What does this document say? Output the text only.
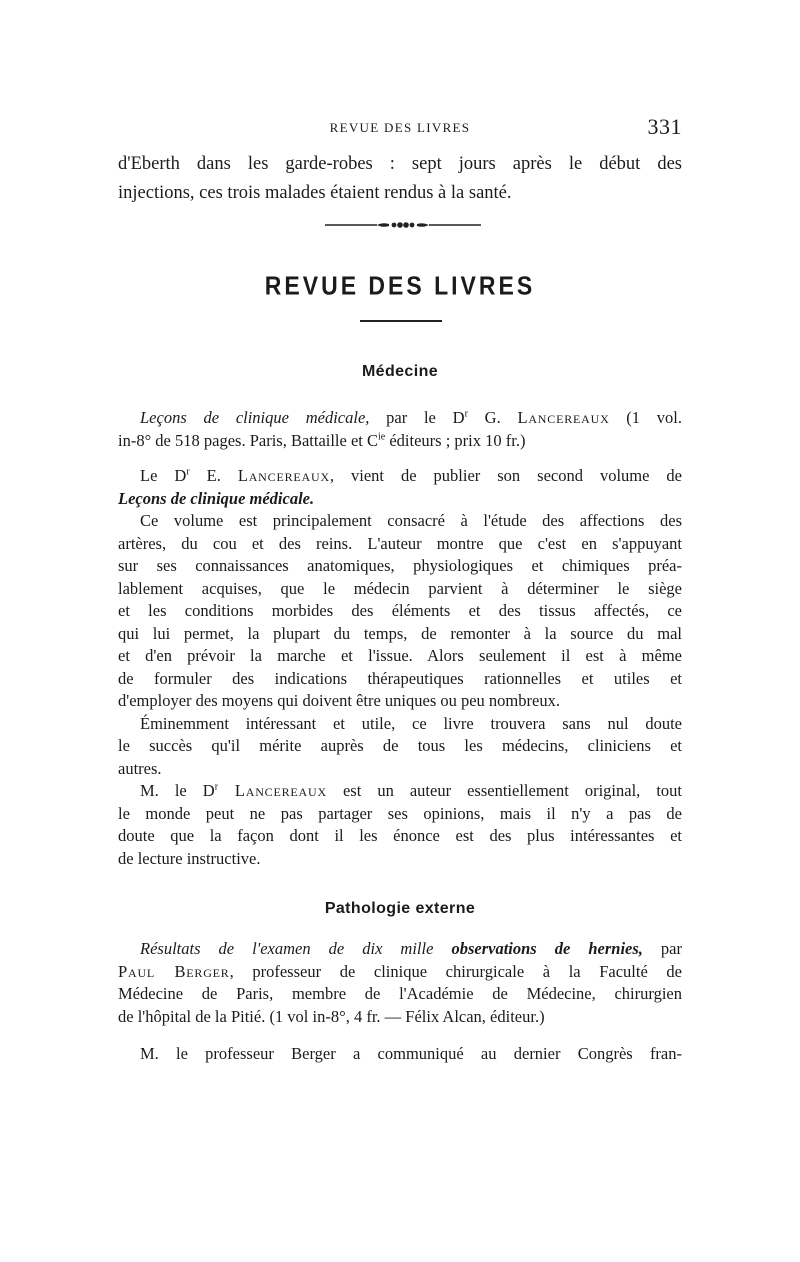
REVUE DES LIVRES	331
d'Eberth dans les garde-robes : sept jours après le début des
injections, ces trois malades étaient rendus à la santé.
REVUE DES LIVRES
Médecine
Leçons de clinique médicale, par le $D^r$ G. Lancereaux (1 vol.
in-8° de 518 pages. Paris, Battaille et $C^{ie}$ éditeurs ; prix 10 fr.)
Le $D^r$ E. Lancereaux, vient de publier son second volume de
Leçons de clinique médicale.
Ce volume est principalement consacré à l'étude des affections des
artères, du cou et des reins. L'auteur montre que c'est en s'appuyant
sur ses connaissances anatomiques, physiologiques et chimiques préa-
lablement acquises, que le médecin parvient à déterminer le siège
et les conditions morbides des éléments et des tissus affectés, ce
qui lui permet, la plupart du temps, de remonter à la source du mal
et d'en prévoir la marche et l'issue. Alors seulement il est à même
de formuler des indications thérapeutiques rationnelles et utiles et
d'employer des moyens qui doivent être uniques ou peu nombreux.
Éminemment intéressant et utile, ce livre trouvera sans nul doute
le succès qu'il mérite auprès de tous les médecins, cliniciens et
autres.
M. le $D^r$ Lancereaux est un auteur essentiellement original, tout
le monde peut ne pas partager ses opinions, mais il n'y a pas de
doute que la façon dont il les énonce est des plus intéressantes et
de lecture instructive.
Pathologie externe
Résultats de l'examen de dix mille observations de hernies, par
Paul Berger, professeur de clinique chirurgicale à la Faculté de
Médecine de Paris, membre de l'Académie de Médecine, chirurgien
de l'hôpital de la Pitié. (1 vol in-8°, 4 fr. — Félix Alcan, éditeur.)
M. le professeur Berger a communiqué au dernier Congrès fran-
